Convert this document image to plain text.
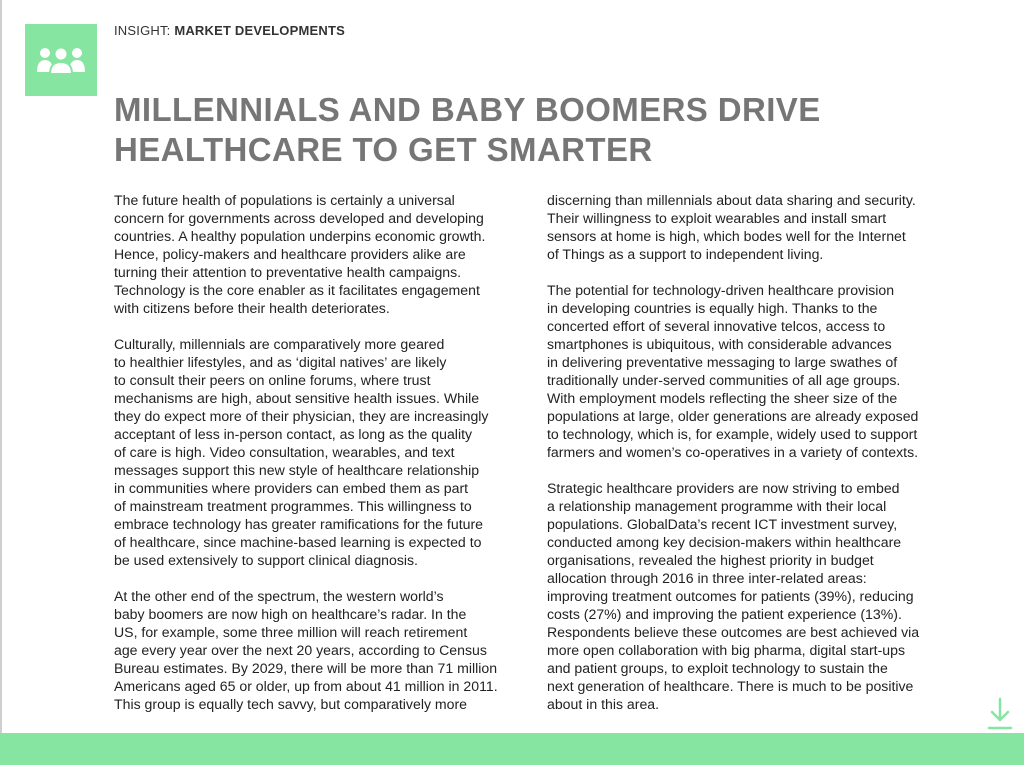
INSIGHT: MARKET DEVELOPMENTS
MILLENNIALS AND BABY BOOMERS DRIVE
HEALTHCARE TO GET SMARTER
The future health of populations is certainly a universal
concern for governments across developed and developing
countries. A healthy population underpins economic growth.
Hence, policy-makers and healthcare providers alike are
turning their attention to preventative health campaigns.
Technology is the core enabler as it facilitates engagement
with citizens before their health deteriorates.
Culturally, millennials are comparatively more geared
to healthier lifestyles, and as ‘digital natives’ are likely
to consult their peers on online forums, where trust
mechanisms are high, about sensitive health issues. While
they do expect more of their physician, they are increasingly
acceptant of less in-person contact, as long as the quality
of care is high. Video consultation, wearables, and text
messages support this new style of healthcare relationship
in communities where providers can embed them as part
of mainstream treatment programmes. This willingness to
embrace technology has greater ramifications for the future
of healthcare, since machine-based learning is expected to
be used extensively to support clinical diagnosis.
At the other end of the spectrum, the western world’s
baby boomers are now high on healthcare’s radar. In the
US, for example, some three million will reach retirement
age every year over the next 20 years, according to Census
Bureau estimates. By 2029, there will be more than 71 million
Americans aged 65 or older, up from about 41 million in 2011.
This group is equally tech savvy, but comparatively more
discerning than millennials about data sharing and security.
Their willingness to exploit wearables and install smart
sensors at home is high, which bodes well for the Internet
of Things as a support to independent living.
The potential for technology-driven healthcare provision
in developing countries is equally high. Thanks to the
concerted effort of several innovative telcos, access to
smartphones is ubiquitous, with considerable advances
in delivering preventative messaging to large swathes of
traditionally under-served communities of all age groups.
With employment models reflecting the sheer size of the
populations at large, older generations are already exposed
to technology, which is, for example, widely used to support
farmers and women’s co-operatives in a variety of contexts.
Strategic healthcare providers are now striving to embed
a relationship management programme with their local
populations. GlobalData’s recent ICT investment survey,
conducted among key decision-makers within healthcare
organisations, revealed the highest priority in budget
allocation through 2016 in three inter-related areas:
improving treatment outcomes for patients (39%), reducing
costs (27%) and improving the patient experience (13%).
Respondents believe these outcomes are best achieved via
more open collaboration with big pharma, digital start-ups
and patient groups, to exploit technology to sustain the
next generation of healthcare. There is much to be positive
about in this area.
